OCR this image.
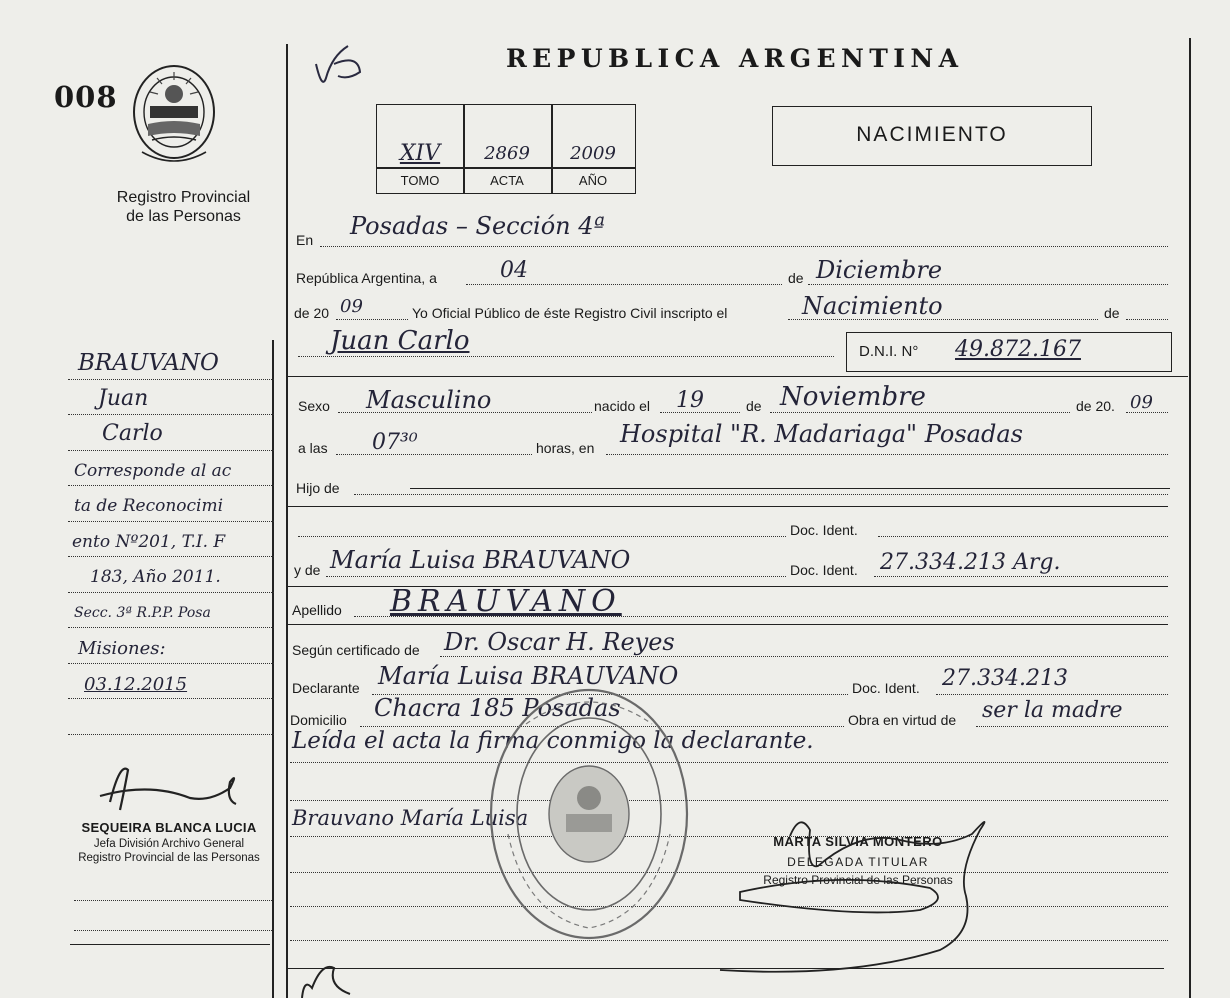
008
Registro Provincial
de las Personas
REPUBLICA ARGENTINA
NACIMIENTO
XIV	2869	2009
TOMO	ACTA	AÑO
En Posadas – Sección 4ª
República Argentina, a	de
04	Diciembre
de 20 09	Yo Oficial Público de éste Registro Civil inscripto el	Nacimiento	de
Juan Carlo	D.N.I. N° 49.872.167
BRAUVANO
Juan
Carlo
Corresponde al ac
ta de Reconocimi
ento Nº201, T.I. F
183, Año 2011.
Secc. 3ª R.P.P. Posa
Misiones:
03.12.2015
SEQUEIRA BLANCA LUCIA
Jefa División Archivo General
Registro Provincial de las Personas
Sexo Masculino	nacido el 19	de Noviembre	de 20. 09
a las 07³⁰	horas, en Hospital "R. Madariaga" Posadas
Hijo de
Doc. Ident.
y de María Luisa BRAUVANO	Doc. Ident. 27.334.213 Arg.
Apellido BRAUVANO
Según certificado de Dr. Oscar H. Reyes
Declarante María Luisa BRAUVANO	Doc. Ident. 27.334.213
Domicilio Chacra 185 Posadas	Obra en virtud de ser la madre
Leída el acta la firma conmigo la declarante.
Brauvano María Luisa
MARTA SILVIA MONTERO
DELEGADA TITULAR
Registro Provincial de las Personas
